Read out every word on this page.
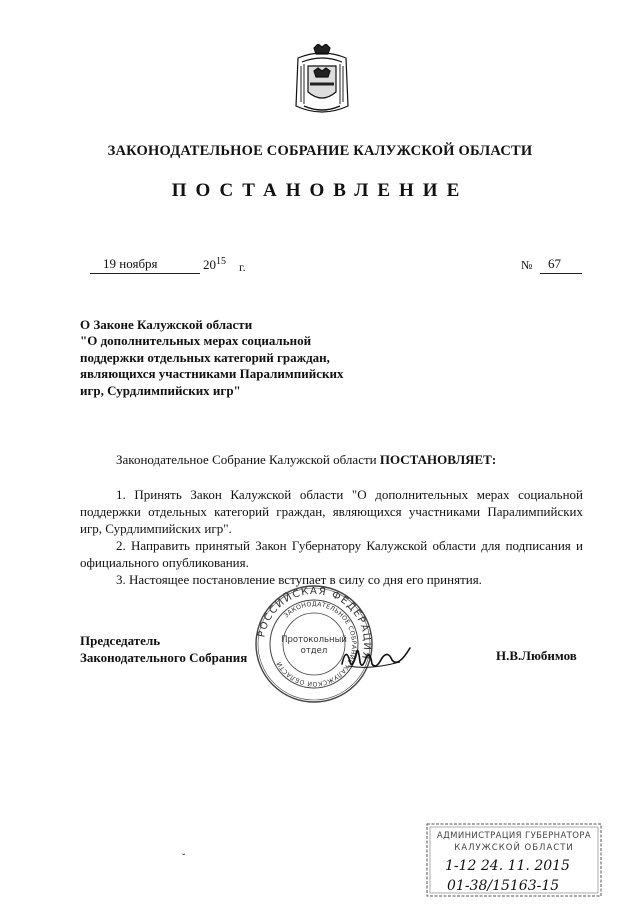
ЗАКОНОДАТЕЛЬНОЕ СОБРАНИЕ КАЛУЖСКОЙ ОБЛАСТИ
ПОСТАНОВЛЕНИЕ
19 ноября	$20^{15}$ г.	№ 67
О Законе Калужской области
"О дополнительных мерах социальной
поддержки отдельных категорий граждан,
являющихся участниками Паралимпийских
игр, Сурдлимпийских игр"
Законодательное Собрание Калужской области ПОСТАНОВЛЯЕТ:

1. Принять Закон Калужской области "О дополнительных мерах социальной поддержки отдельных категорий граждан, являющихся участниками Паралимпийских игр, Сурдлимпийских игр".

2. Направить принятый Закон Губернатору Калужской области для подписания и официального опубликования.

3. Настоящее постановление вступает в силу со дня его принятия.

РОССИЙСКАЯ ФЕДЕРАЦИЯ
ЗАКОНОДАТЕЛЬНОЕ СОБРАНИЕ КАЛУЖСКОЙ ОБЛАСТИ
Протокольный
отдел
Председатель
Законодательного Собрания	Н.В.Любимов
ˇ
АДМИНИСТРАЦИЯ ГУБЕРНАТОРА
КАЛУЖСКОЙ ОБЛАСТИ
1-12 24. 11. 2015
01-38/15163-15
